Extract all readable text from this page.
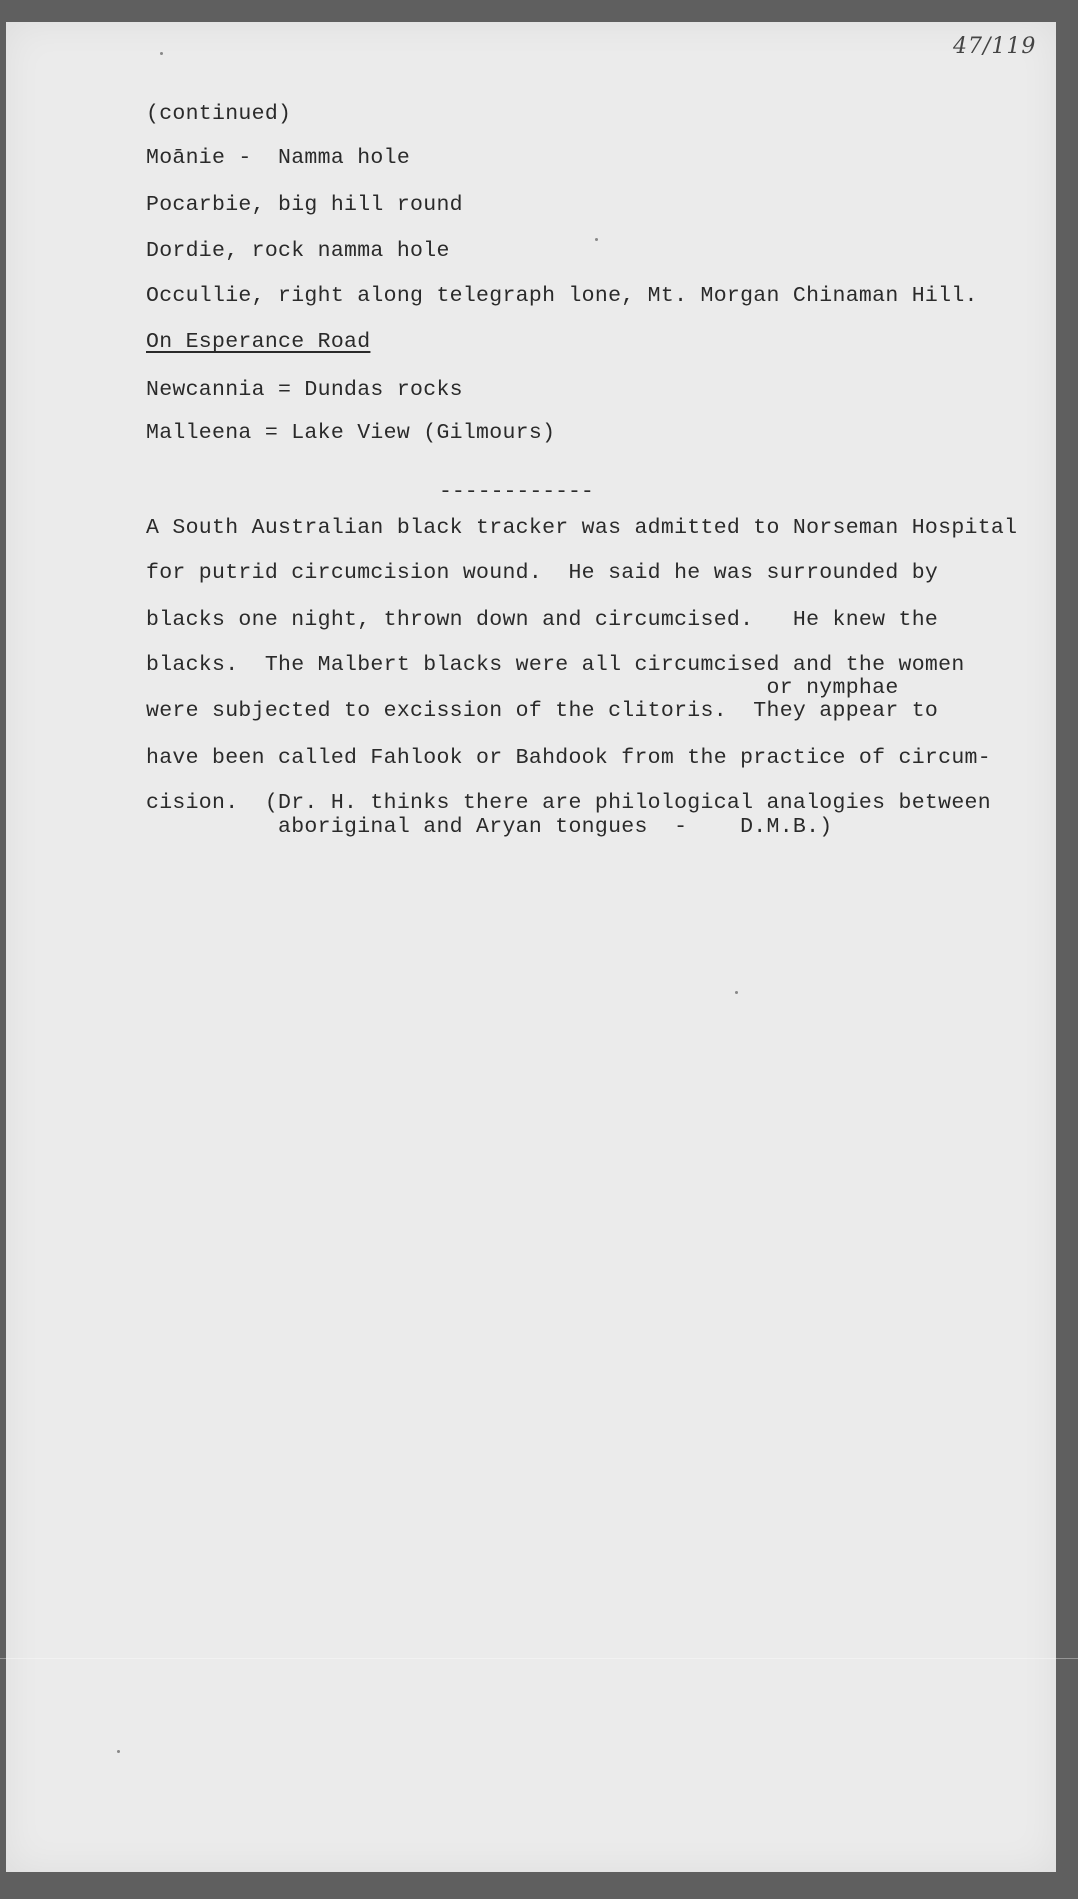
47/119
(continued)
Moānie -  Namma hole
Pocarbie, big hill round
Dordie, rock namma hole
Occullie, right along telegraph lone, Mt. Morgan Chinaman Hill.
On Esperance Road
Newcannia = Dundas rocks
Malleena = Lake View (Gilmours)
------------
A South Australian black tracker was admitted to Norseman Hospital
for putrid circumcision wound.  He said he was surrounded by
blacks one night, thrown down and circumcised.   He knew the
blacks.  The Malbert blacks were all circumcised and the women
or nymphae
were subjected to excission of the clitoris.  They appear to
have been called Fahlook or Bahdook from the practice of circum-
cision.  (Dr. H. thinks there are philological analogies between
aboriginal and Aryan tongues  -    D.M.B.)
